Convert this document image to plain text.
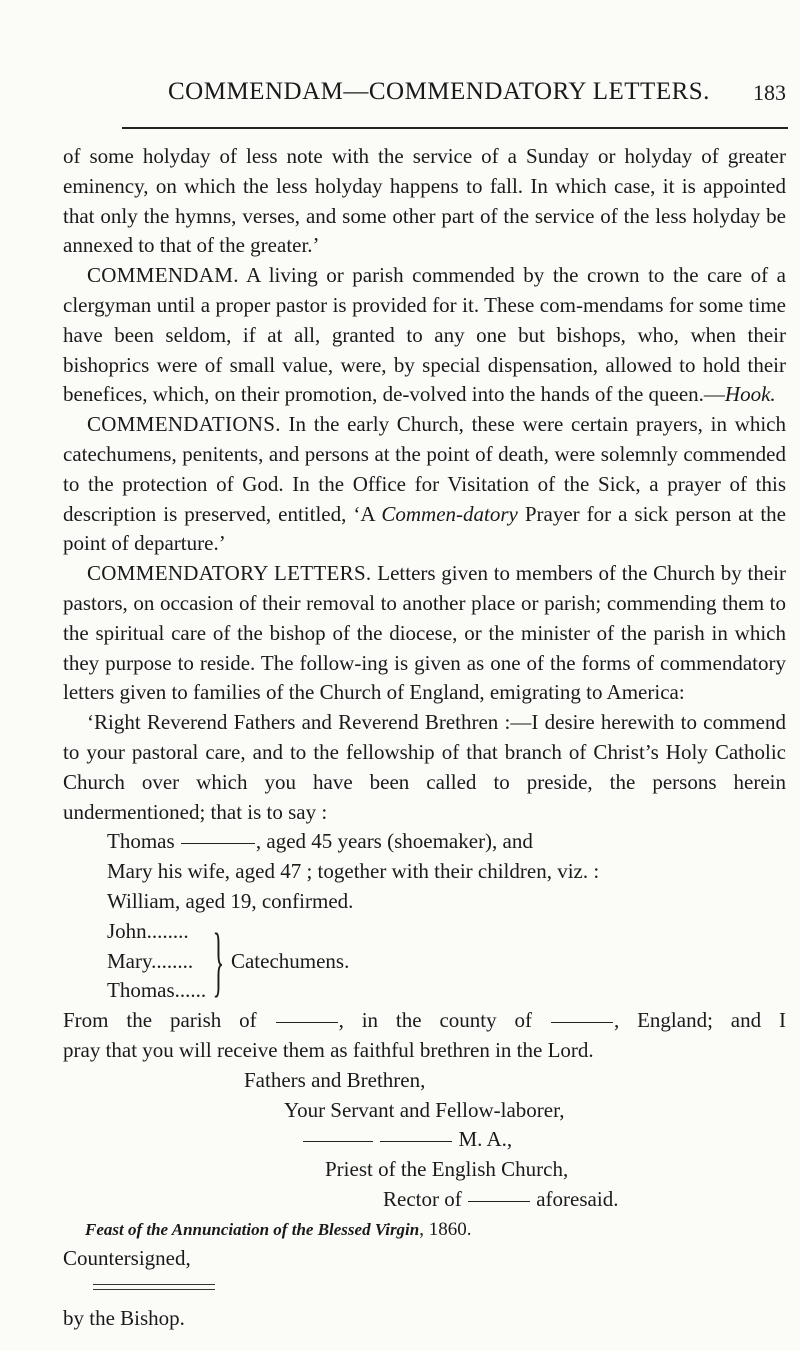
COMMENDAM—COMMENDATORY LETTERS. 183

of some holyday of less note with the service of a Sunday or holyday of greater eminency, on which the less holyday happens to fall. In which case, it is appointed that only the hymns, verses, and some other part of the service of the less holyday be annexed to that of the greater.’

COMMENDAM. A living or parish commended by the crown to the care of a clergyman until a proper pastor is provided for it. These com-mendams for some time have been seldom, if at all, granted to any one but bishops, who, when their bishoprics were of small value, were, by special dispensation, allowed to hold their benefices, which, on their promotion, de-volved into the hands of the queen.—Hook.

COMMENDATIONS. In the early Church, these were certain prayers, in which catechumens, penitents, and persons at the point of death, were solemnly commended to the protection of God. In the Office for Visitation of the Sick, a prayer of this description is preserved, entitled, ‘A Commen-datory Prayer for a sick person at the point of departure.’

COMMENDATORY LETTERS. Letters given to members of the Church by their pastors, on occasion of their removal to another place or parish; commending them to the spiritual care of the bishop of the diocese, or the minister of the parish in which they purpose to reside. The follow-ing is given as one of the forms of commendatory letters given to families of the Church of England, emigrating to America:

‘Right Reverend Fathers and Reverend Brethren :—I desire herewith to commend to your pastoral care, and to the fellowship of that branch of Christ’s Holy Catholic Church over which you have been called to preside, the persons herein undermentioned; that is to say :

Thomas	, aged 45 years (shoemaker), and
Mary his wife, aged 47 ; together with their children, viz. :
William, aged 19, confirmed.
John........
Mary........
Thomas...... } Catechumens.
From the parish of	, in the county of	, England; and I
pray that you will receive them as faithful brethren in the Lord.
Fathers and Brethren,
Your Servant and Fellow-laborer,
M. A.,
Priest of the English Church,
Rector of	aforesaid.
Feast of the Annunciation of the Blessed Virgin, 1860.
Countersigned,
by the Bishop.
